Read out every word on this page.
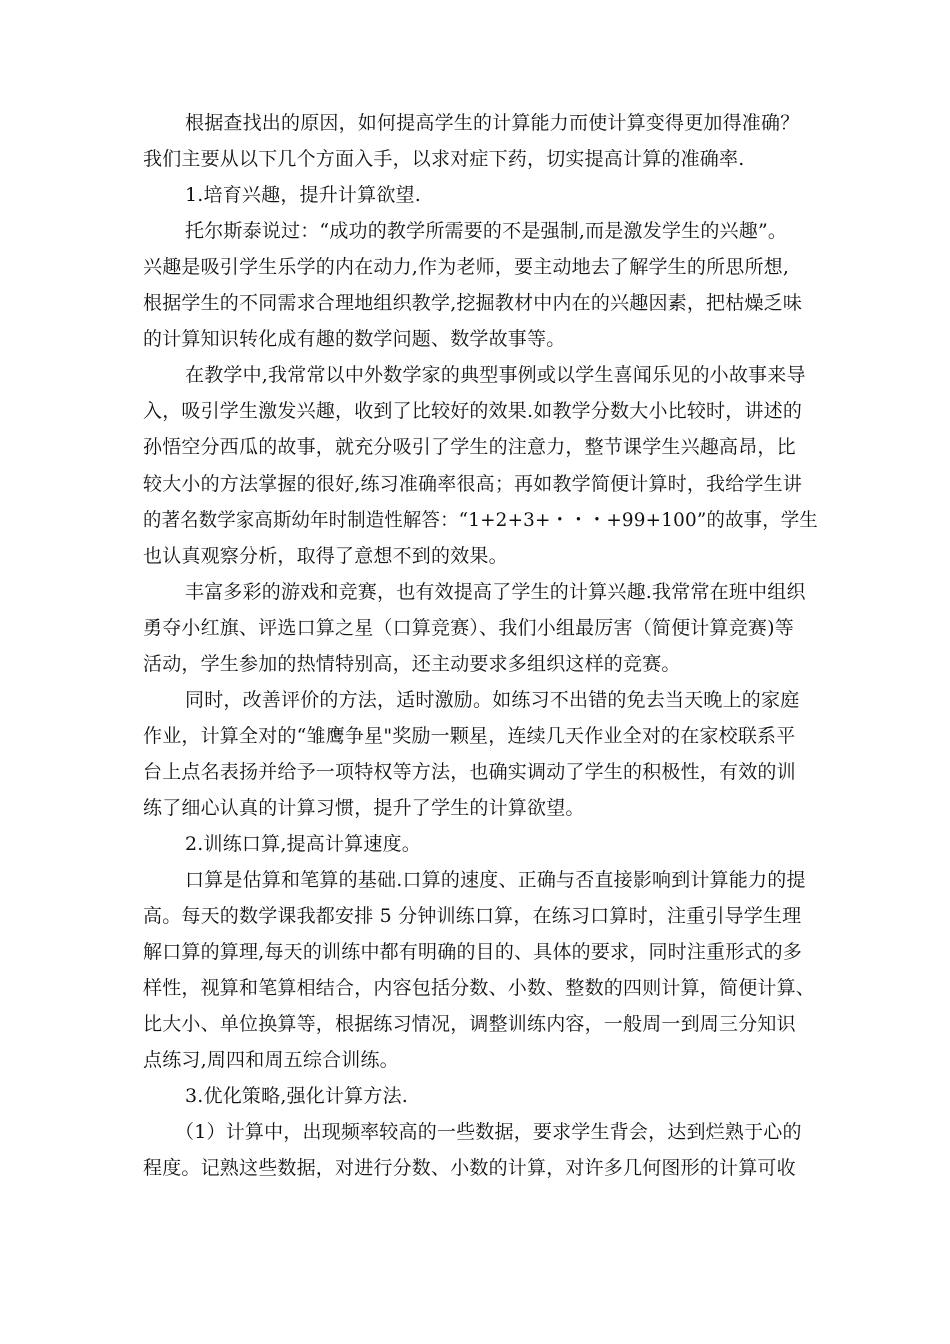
根据查找出的原因，如何提高学生的计算能力而使计算变得更加得准确？

我们主要从以下几个方面入手，以求对症下药，切实提高计算的准确率.

1.培育兴趣，提升计算欲望.

托尔斯泰说过：“成功的教学所需要的不是强制,而是激发学生的兴趣”。

兴趣是吸引学生乐学的内在动力,作为老师，要主动地去了解学生的所思所想,

根据学生的不同需求合理地组织教学,挖掘教材中内在的兴趣因素，把枯燥乏味

的计算知识转化成有趣的数学问题、数学故事等。

在教学中,我常常以中外数学家的典型事例或以学生喜闻乐见的小故事来导

入，吸引学生激发兴趣，收到了比较好的效果.如教学分数大小比较时，讲述的

孙悟空分西瓜的故事，就充分吸引了学生的注意力，整节课学生兴趣高昂，比

较大小的方法掌握的很好,练习准确率很高；再如教学简便计算时，我给学生讲

的著名数学家高斯幼年时制造性解答：“1+2+3+・・・+99+100”的故事，学生

也认真观察分析，取得了意想不到的效果。

丰富多彩的游戏和竞赛，也有效提高了学生的计算兴趣.我常常在班中组织

勇夺小红旗、评选口算之星（口算竞赛）、我们小组最厉害（简便计算竞赛)等

活动，学生参加的热情特别高，还主动要求多组织这样的竞赛。

同时，改善评价的方法，适时激励。如练习不出错的免去当天晚上的家庭

作业，计算全对的“雏鹰争星"奖励一颗星，连续几天作业全对的在家校联系平

台上点名表扬并给予一项特权等方法，也确实调动了学生的积极性，有效的训

练了细心认真的计算习惯，提升了学生的计算欲望。

2.训练口算,提高计算速度。

口算是估算和笔算的基础.口算的速度、正确与否直接影响到计算能力的提

高。每天的数学课我都安排 5 分钟训练口算，在练习口算时，注重引导学生理

解口算的算理,每天的训练中都有明确的目的、具体的要求，同时注重形式的多

样性，视算和笔算相结合，内容包括分数、小数、整数的四则计算，简便计算、

比大小、单位换算等，根据练习情况，调整训练内容，一般周一到周三分知识

点练习,周四和周五综合训练。

3.优化策略,强化计算方法.

（1）计算中，出现频率较高的一些数据，要求学生背会，达到烂熟于心的

程度。记熟这些数据，对进行分数、小数的计算，对许多几何图形的计算可收
